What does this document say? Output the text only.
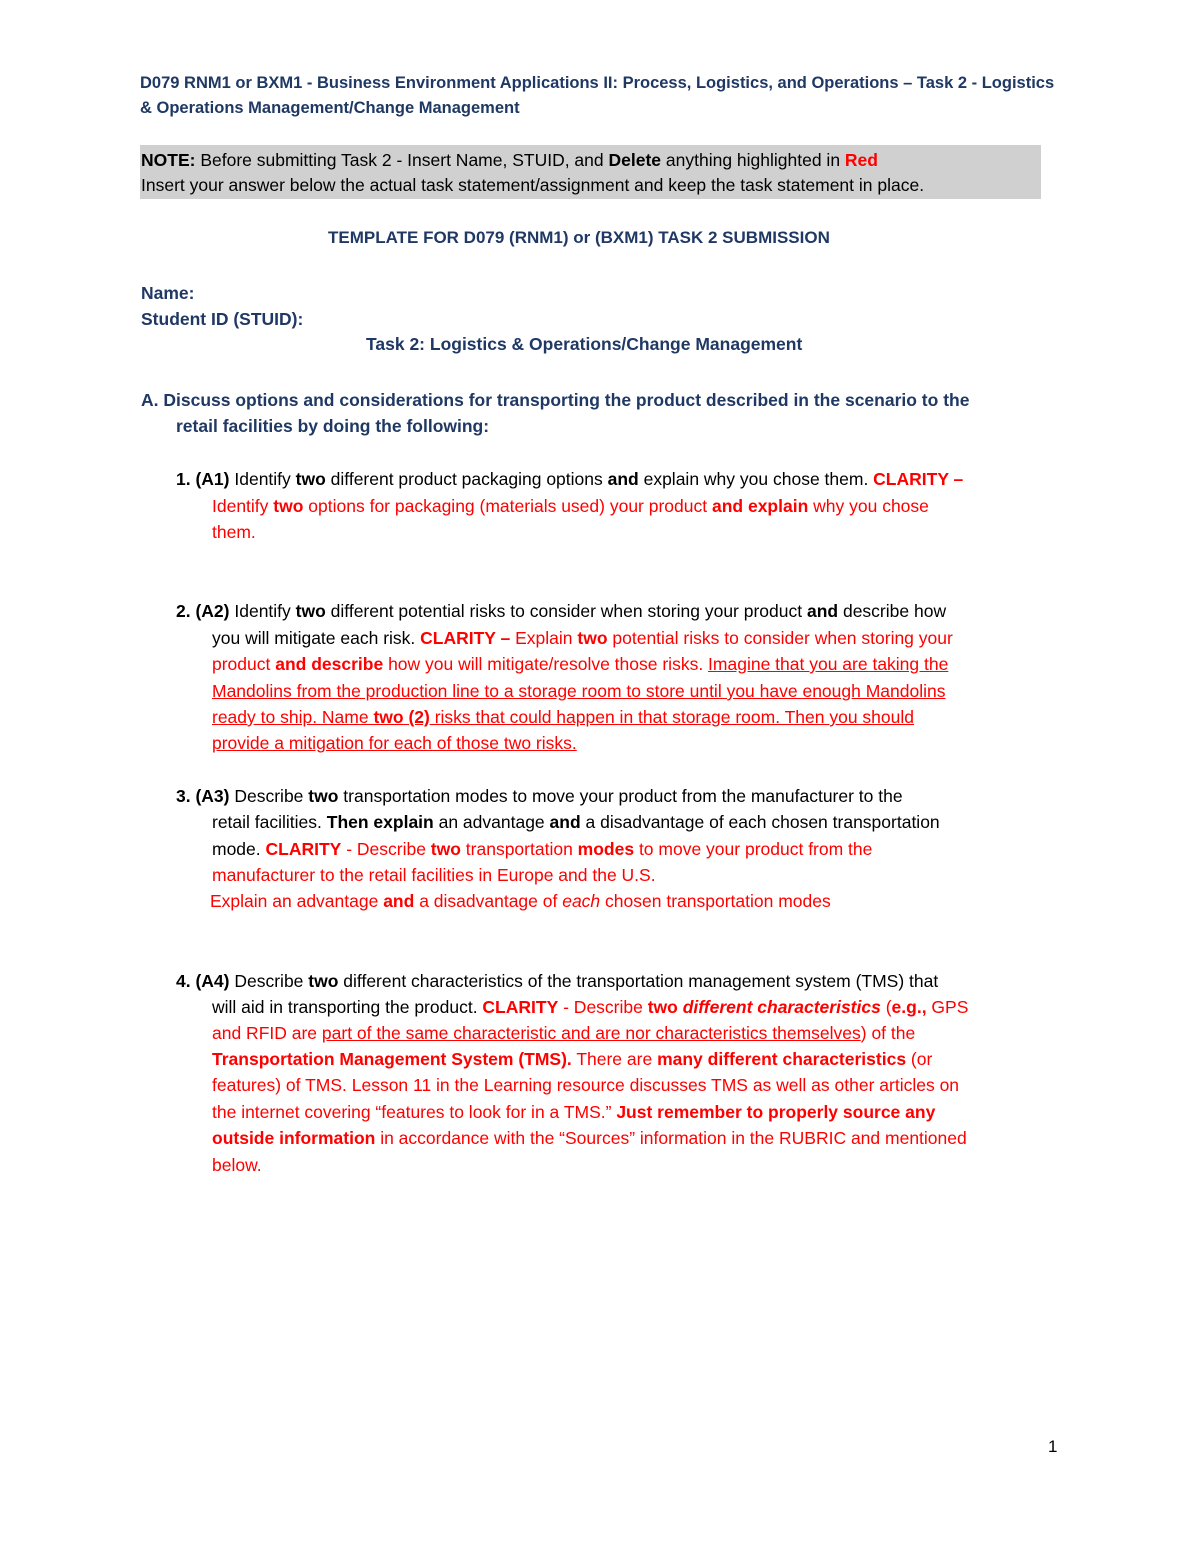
D079 RNM1 or BXM1 - Business Environment Applications II: Process, Logistics, and Operations – Task 2 - Logistics
& Operations Management/Change Management
NOTE: Before submitting Task 2 - Insert Name, STUID, and Delete anything highlighted in Red
Insert your answer below the actual task statement/assignment and keep the task statement in place.
TEMPLATE FOR D079 (RNM1) or (BXM1) TASK 2 SUBMISSION
Name:
Student ID (STUID):
Task 2: Logistics & Operations/Change Management
A. Discuss options and considerations for transporting the product described in the scenario to the
retail facilities by doing the following:
1. (A1) Identify two different product packaging options and explain why you chose them. CLARITY –
Identify two options for packaging (materials used) your product and explain why you chose
them.
2. (A2) Identify two different potential risks to consider when storing your product and describe how
you will mitigate each risk. CLARITY – Explain two potential risks to consider when storing your
product and describe how you will mitigate/resolve those risks. Imagine that you are taking the
Mandolins from the production line to a storage room to store until you have enough Mandolins
ready to ship. Name two (2) risks that could happen in that storage room. Then you should
provide a mitigation for each of those two risks.
3. (A3) Describe two transportation modes to move your product from the manufacturer to the
retail facilities. Then explain an advantage and a disadvantage of each chosen transportation
mode. CLARITY - Describe two transportation modes to move your product from the
manufacturer to the retail facilities in Europe and the U.S.
Explain an advantage and a disadvantage of each chosen transportation modes
4. (A4) Describe two different characteristics of the transportation management system (TMS) that
will aid in transporting the product. CLARITY - Describe two different characteristics (e.g., GPS
and RFID are part of the same characteristic and are nor characteristics themselves) of the
Transportation Management System (TMS). There are many different characteristics (or
features) of TMS. Lesson 11 in the Learning resource discusses TMS as well as other articles on
the internet covering “features to look for in a TMS.” Just remember to properly source any
outside information in accordance with the “Sources” information in the RUBRIC and mentioned
below.
1
